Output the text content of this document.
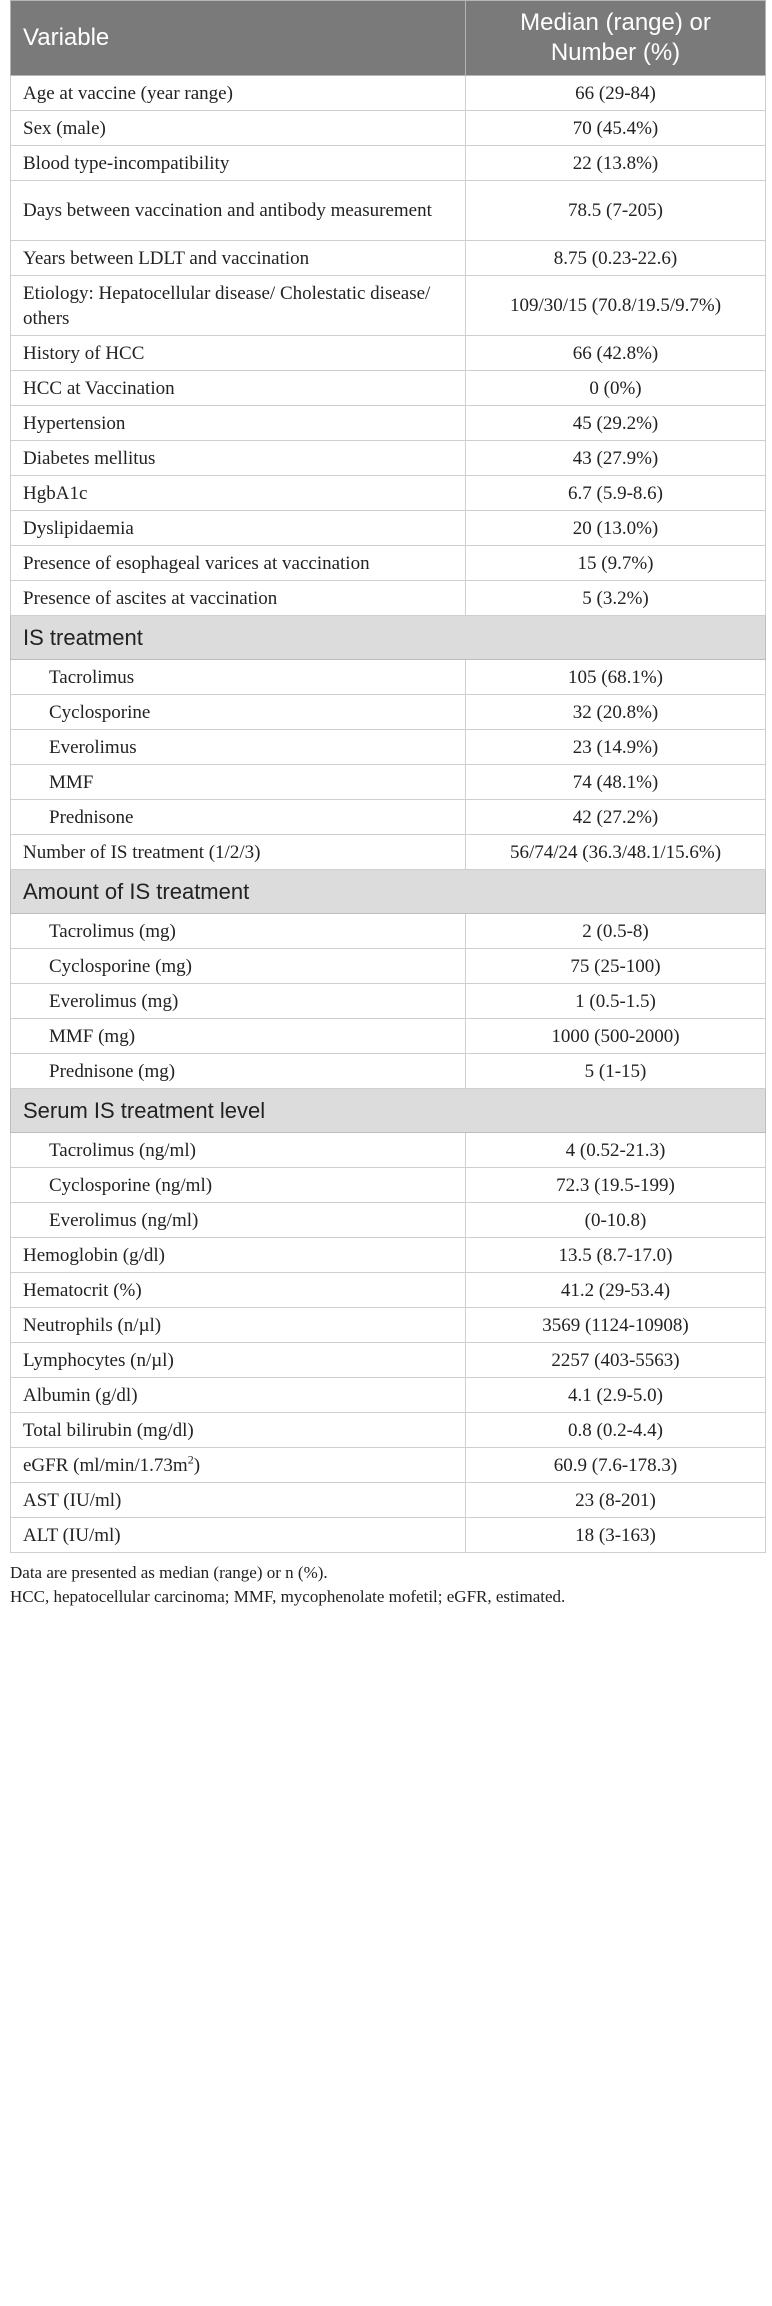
Variable	Median (range) or Number (%)
Age at vaccine (year range)	66 (29-84)
Sex (male)	70 (45.4%)
Blood type-incompatibility	22 (13.8%)
Days between vaccination and antibody measurement	78.5 (7-205)
Years between LDLT and vaccination	8.75 (0.23-22.6)
Etiology: Hepatocellular disease/ Cholestatic disease/ others	109/30/15 (70.8/19.5/9.7%)
History of HCC	66 (42.8%)
HCC at Vaccination	0 (0%)
Hypertension	45 (29.2%)
Diabetes mellitus	43 (27.9%)
HgbA1c	6.7 (5.9-8.6)
Dyslipidaemia	20 (13.0%)
Presence of esophageal varices at vaccination	15 (9.7%)
Presence of ascites at vaccination	5 (3.2%)
IS treatment	
Tacrolimus	105 (68.1%)
Cyclosporine	32 (20.8%)
Everolimus	23 (14.9%)
MMF	74 (48.1%)
Prednisone	42 (27.2%)
Number of IS treatment (1/2/3)	56/74/24 (36.3/48.1/15.6%)
Amount of IS treatment	
Tacrolimus (mg)	2 (0.5-8)
Cyclosporine (mg)	75 (25-100)
Everolimus (mg)	1 (0.5-1.5)
MMF (mg)	1000 (500-2000)
Prednisone (mg)	5 (1-15)
Serum IS treatment level	
Tacrolimus (ng/ml)	4 (0.52-21.3)
Cyclosporine (ng/ml)	72.3 (19.5-199)
Everolimus (ng/ml)	(0-10.8)
Hemoglobin (g/dl)	13.5 (8.7-17.0)
Hematocrit (%)	41.2 (29-53.4)
Neutrophils (n/µl)	3569 (1124-10908)
Lymphocytes (n/µl)	2257 (403-5563)
Albumin (g/dl)	4.1 (2.9-5.0)
Total bilirubin (mg/dl)	0.8 (0.2-4.4)
eGFR $(ml/\min/1.73m^2)$	60.9 (7.6-178.3)
AST (IU/ml)	23 (8-201)
ALT (IU/ml)	18 (3-163)
Data are presented as median (range) or n (%).
HCC, hepatocellular carcinoma; MMF, mycophenolate mofetil; eGFR, estimated.
